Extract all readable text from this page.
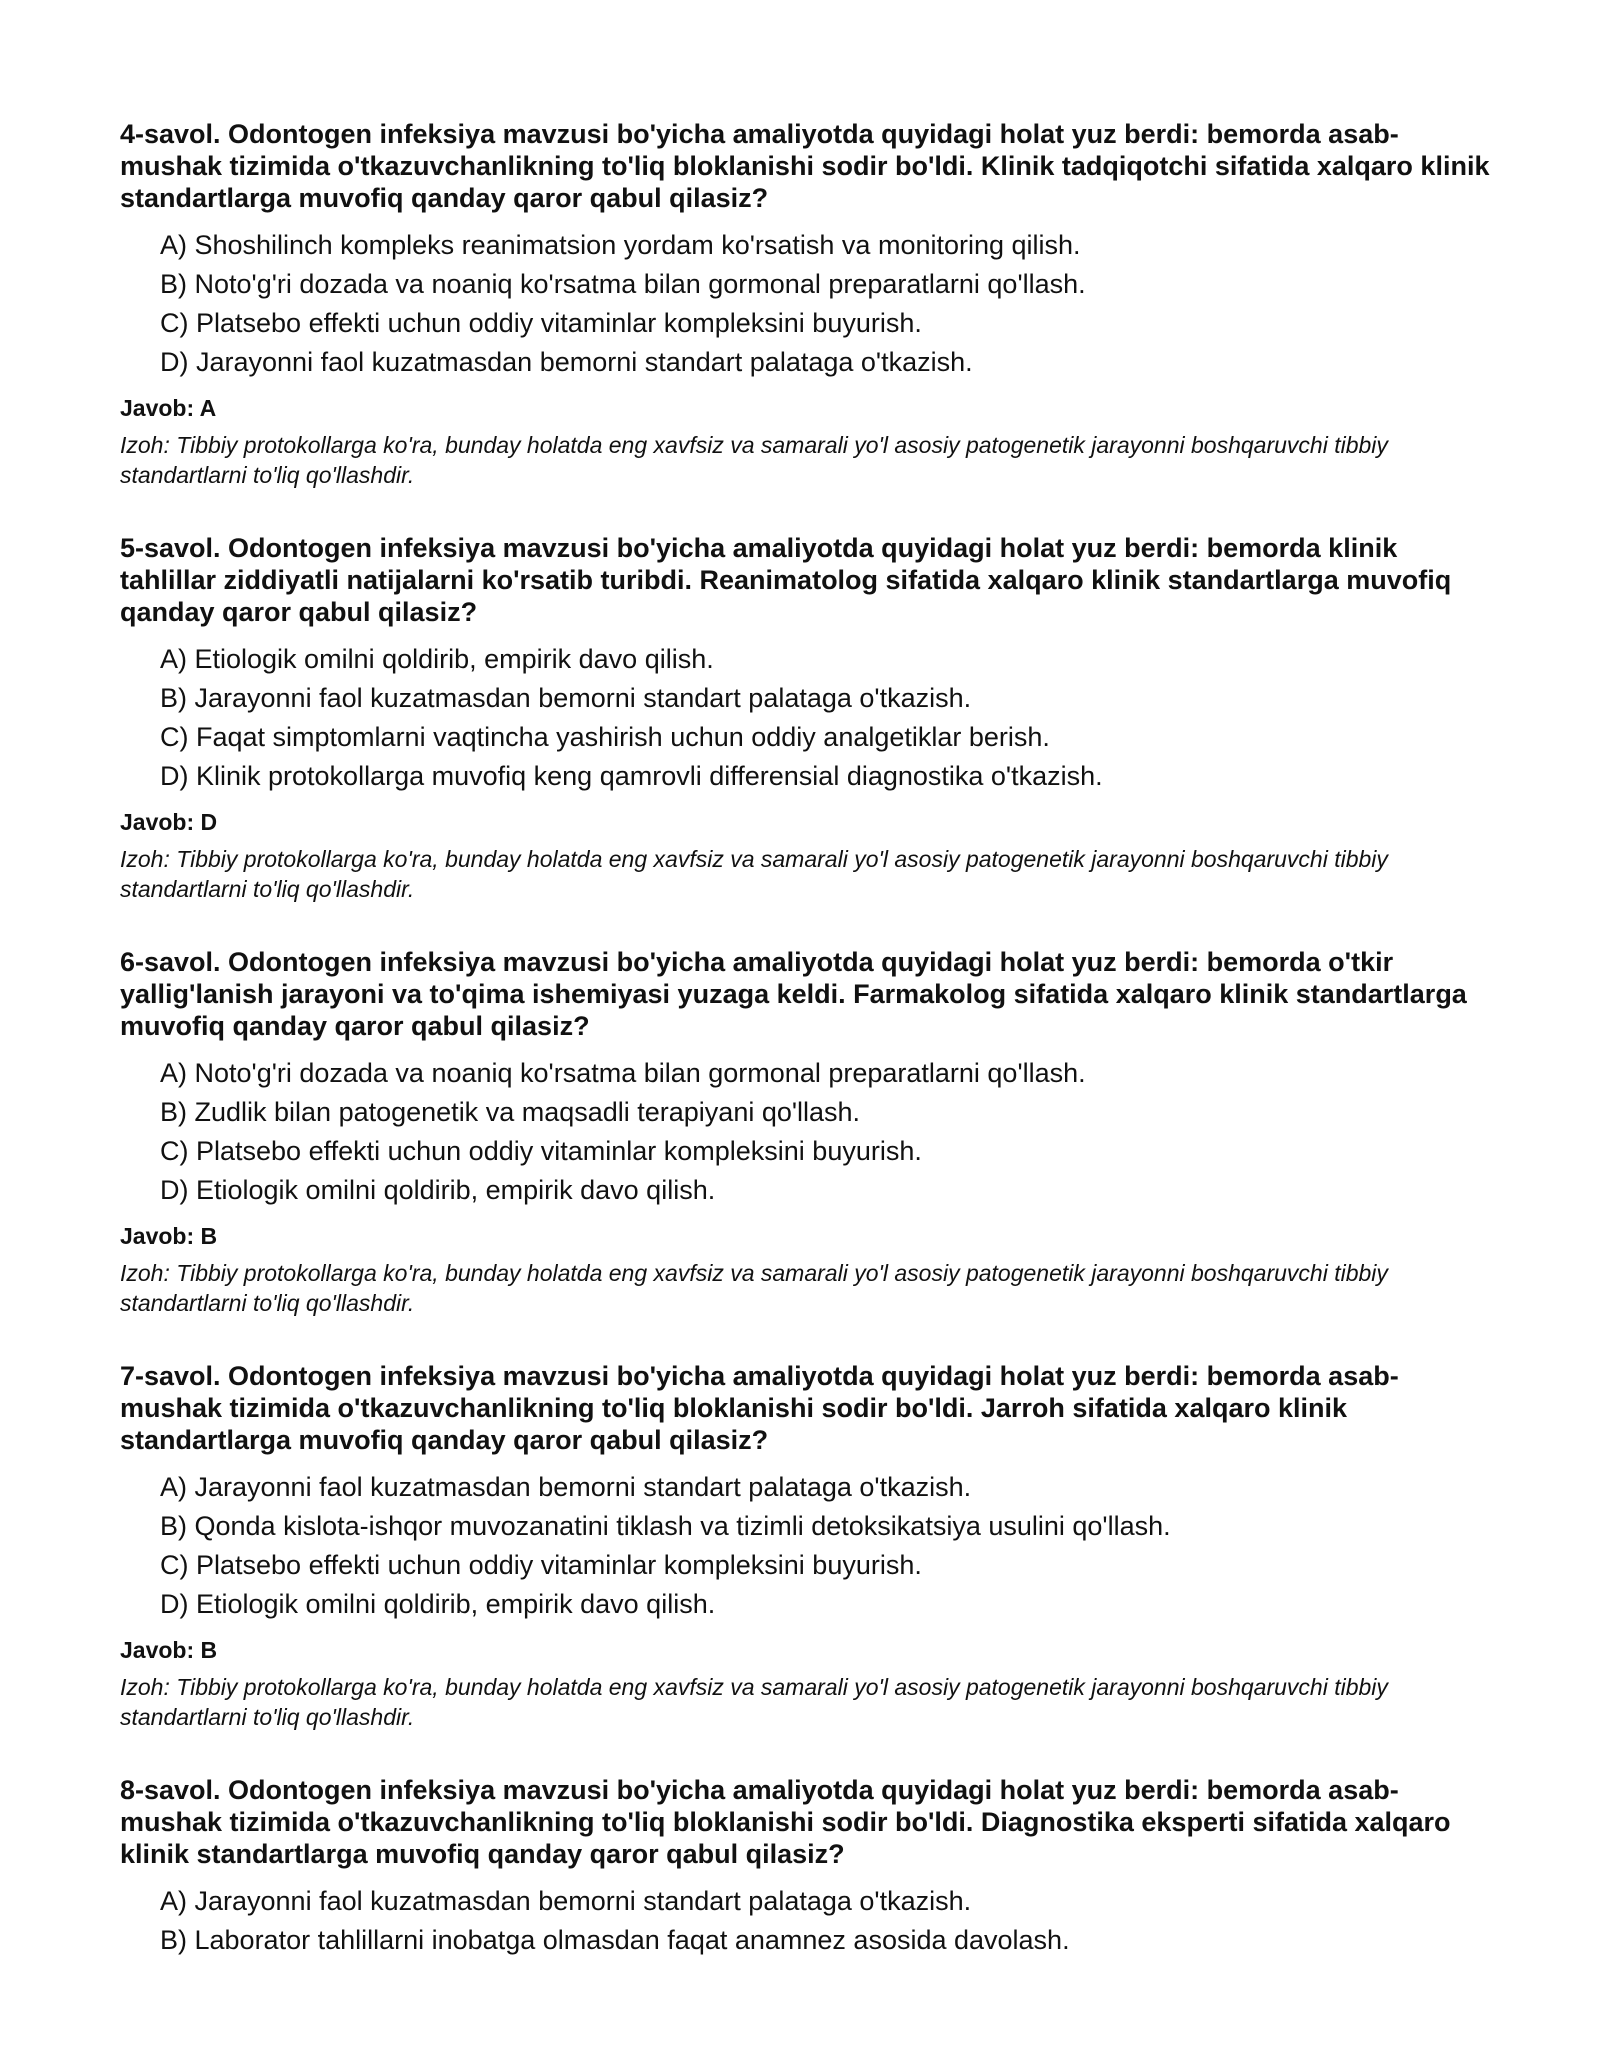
4-savol. Odontogen infeksiya mavzusi bo'yicha amaliyotda quyidagi holat yuz berdi: bemorda asab-mushak tizimida o'tkazuvchanlikning to'liq bloklanishi sodir bo'ldi. Klinik tadqiqotchi sifatida xalqaro klinik standartlarga muvofiq qanday qaror qabul qilasiz?

A) Shoshilinch kompleks reanimatsion yordam ko'rsatish va monitoring qilish.
B) Noto'g'ri dozada va noaniq ko'rsatma bilan gormonal preparatlarni qo'llash.
C) Platsebo effekti uchun oddiy vitaminlar kompleksini buyurish.
D) Jarayonni faol kuzatmasdan bemorni standart palataga o'tkazish.

Javob: A

Izoh: Tibbiy protokollarga ko'ra, bunday holatda eng xavfsiz va samarali yo'l asosiy patogenetik jarayonni boshqaruvchi tibbiy standartlarni to'liq qo'llashdir.

5-savol. Odontogen infeksiya mavzusi bo'yicha amaliyotda quyidagi holat yuz berdi: bemorda klinik tahlillar ziddiyatli natijalarni ko'rsatib turibdi. Reanimatolog sifatida xalqaro klinik standartlarga muvofiq qanday qaror qabul qilasiz?

A) Etiologik omilni qoldirib, empirik davo qilish.
B) Jarayonni faol kuzatmasdan bemorni standart palataga o'tkazish.
C) Faqat simptomlarni vaqtincha yashirish uchun oddiy analgetiklar berish.
D) Klinik protokollarga muvofiq keng qamrovli differensial diagnostika o'tkazish.

Javob: D

Izoh: Tibbiy protokollarga ko'ra, bunday holatda eng xavfsiz va samarali yo'l asosiy patogenetik jarayonni boshqaruvchi tibbiy standartlarni to'liq qo'llashdir.

6-savol. Odontogen infeksiya mavzusi bo'yicha amaliyotda quyidagi holat yuz berdi: bemorda o'tkir yallig'lanish jarayoni va to'qima ishemiyasi yuzaga keldi. Farmakolog sifatida xalqaro klinik standartlarga muvofiq qanday qaror qabul qilasiz?

A) Noto'g'ri dozada va noaniq ko'rsatma bilan gormonal preparatlarni qo'llash.
B) Zudlik bilan patogenetik va maqsadli terapiyani qo'llash.
C) Platsebo effekti uchun oddiy vitaminlar kompleksini buyurish.
D) Etiologik omilni qoldirib, empirik davo qilish.

Javob: B

Izoh: Tibbiy protokollarga ko'ra, bunday holatda eng xavfsiz va samarali yo'l asosiy patogenetik jarayonni boshqaruvchi tibbiy standartlarni to'liq qo'llashdir.

7-savol. Odontogen infeksiya mavzusi bo'yicha amaliyotda quyidagi holat yuz berdi: bemorda asab-mushak tizimida o'tkazuvchanlikning to'liq bloklanishi sodir bo'ldi. Jarroh sifatida xalqaro klinik standartlarga muvofiq qanday qaror qabul qilasiz?

A) Jarayonni faol kuzatmasdan bemorni standart palataga o'tkazish.
B) Qonda kislota-ishqor muvozanatini tiklash va tizimli detoksikatsiya usulini qo'llash.
C) Platsebo effekti uchun oddiy vitaminlar kompleksini buyurish.
D) Etiologik omilni qoldirib, empirik davo qilish.

Javob: B

Izoh: Tibbiy protokollarga ko'ra, bunday holatda eng xavfsiz va samarali yo'l asosiy patogenetik jarayonni boshqaruvchi tibbiy standartlarni to'liq qo'llashdir.

8-savol. Odontogen infeksiya mavzusi bo'yicha amaliyotda quyidagi holat yuz berdi: bemorda asab-mushak tizimida o'tkazuvchanlikning to'liq bloklanishi sodir bo'ldi. Diagnostika eksperti sifatida xalqaro klinik standartlarga muvofiq qanday qaror qabul qilasiz?

A) Jarayonni faol kuzatmasdan bemorni standart palataga o'tkazish.
B) Laborator tahlillarni inobatga olmasdan faqat anamnez asosida davolash.
